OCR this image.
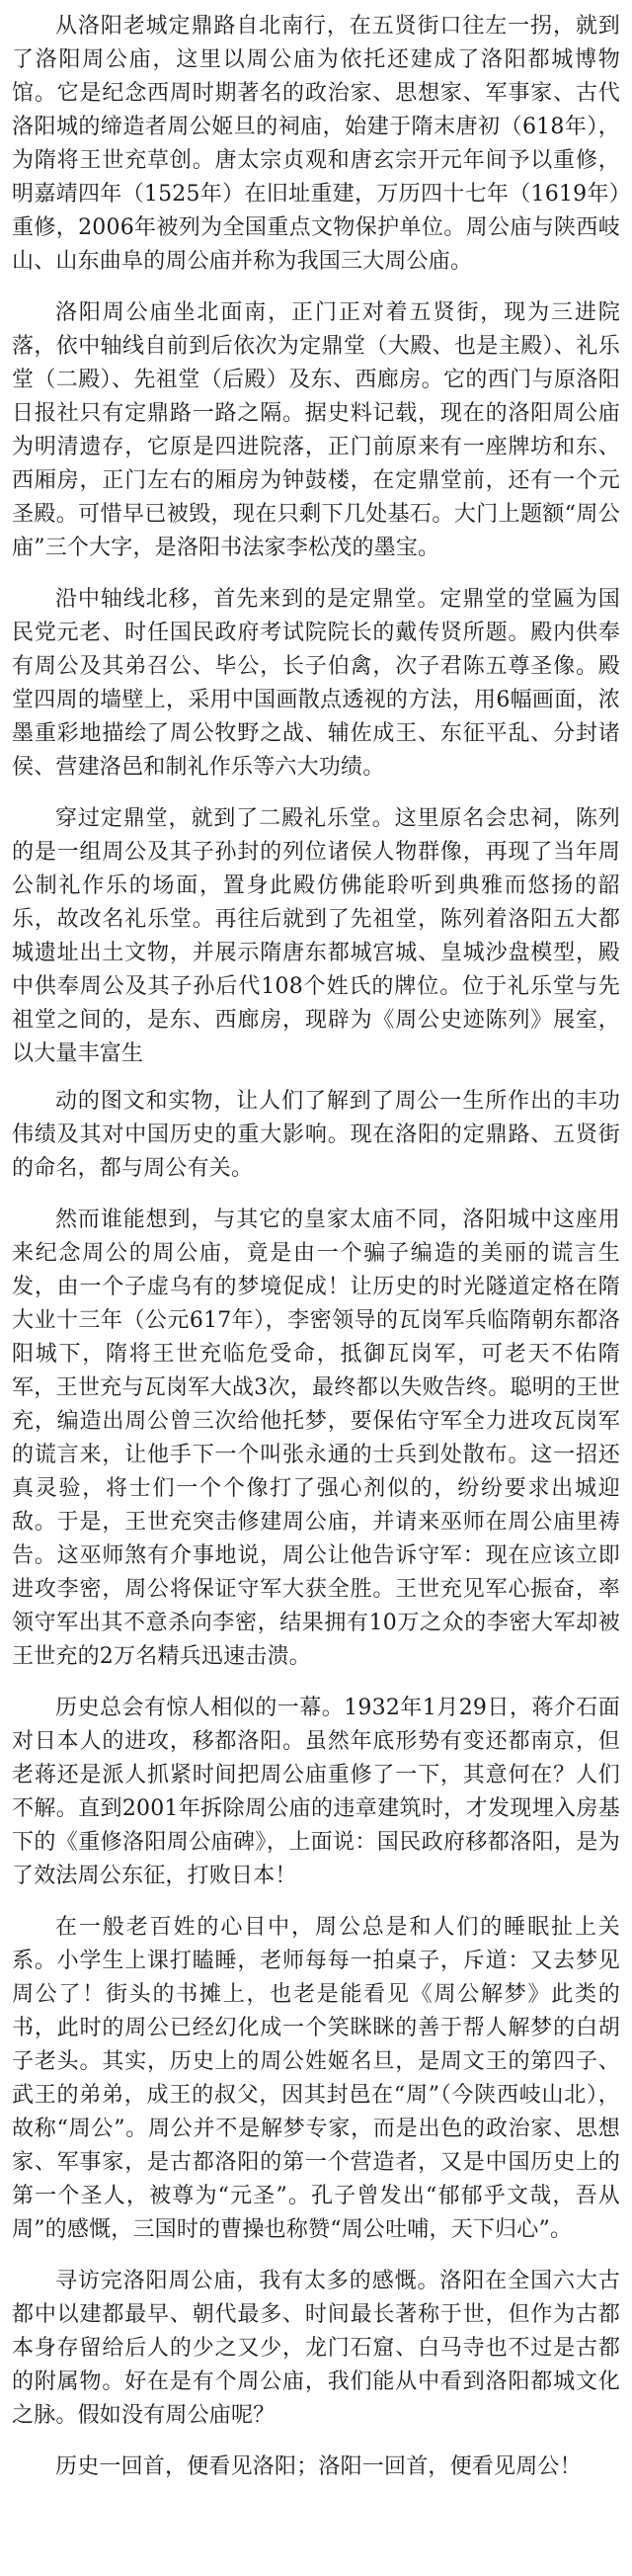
从洛阳老城定鼎路自北南行，在五贤街口往左一拐，就到了洛阳周公庙，这里以周公庙为依托还建成了洛阳都城博物馆。它是纪念西周时期著名的政治家、思想家、军事家、古代洛阳城的缔造者周公姬旦的祠庙，始建于隋末唐初（618年），为隋将王世充草创。唐太宗贞观和唐玄宗开元年间予以重修，明嘉靖四年（1525年）在旧址重建，万历四十七年（1619年）重修，2006年被列为全国重点文物保护单位。周公庙与陕西岐山、山东曲阜的周公庙并称为我国三大周公庙。

洛阳周公庙坐北面南，正门正对着五贤街，现为三进院落，依中轴线自前到后依次为定鼎堂（大殿、也是主殿）、礼乐堂（二殿）、先祖堂（后殿）及东、西廊房。它的西门与原洛阳日报社只有定鼎路一路之隔。据史料记载，现在的洛阳周公庙为明清遗存，它原是四进院落，正门前原来有一座牌坊和东、西厢房，正门左右的厢房为钟鼓楼，在定鼎堂前，还有一个元圣殿。可惜早已被毁，现在只剩下几处基石。大门上题额“周公庙”三个大字，是洛阳书法家李松茂的墨宝。

沿中轴线北移，首先来到的是定鼎堂。定鼎堂的堂匾为国民党元老、时任国民政府考试院院长的戴传贤所题。殿内供奉有周公及其弟召公、毕公，长子伯禽，次子君陈五尊圣像。殿堂四周的墙壁上，采用中国画散点透视的方法，用6幅画面，浓墨重彩地描绘了周公牧野之战、辅佐成王、东征平乱、分封诸侯、营建洛邑和制礼作乐等六大功绩。

穿过定鼎堂，就到了二殿礼乐堂。这里原名会忠祠，陈列的是一组周公及其子孙封的列位诸侯人物群像，再现了当年周公制礼作乐的场面，置身此殿仿佛能聆听到典雅而悠扬的韶乐，故改名礼乐堂。再往后就到了先祖堂，陈列着洛阳五大都城遗址出土文物，并展示隋唐东都城宫城、皇城沙盘模型，殿中供奉周公及其子孙后代108个姓氏的牌位。位于礼乐堂与先祖堂之间的，是东、西廊房，现辟为《周公史迹陈列》展室，以大量丰富生

动的图文和实物，让人们了解到了周公一生所作出的丰功伟绩及其对中国历史的重大影响。现在洛阳的定鼎路、五贤街的命名，都与周公有关。

然而谁能想到，与其它的皇家太庙不同，洛阳城中这座用来纪念周公的周公庙，竟是由一个骗子编造的美丽的谎言生发，由一个子虚乌有的梦境促成！让历史的时光隧道定格在隋大业十三年（公元617年），李密领导的瓦岗军兵临隋朝东都洛阳城下，隋将王世充临危受命，抵御瓦岗军，可老天不佑隋军，王世充与瓦岗军大战3次，最终都以失败告终。聪明的王世充，编造出周公曾三次给他托梦，要保佑守军全力进攻瓦岗军的谎言来，让他手下一个叫张永通的士兵到处散布。这一招还真灵验，将士们一个个像打了强心剂似的，纷纷要求出城迎敌。于是，王世充突击修建周公庙，并请来巫师在周公庙里祷告。这巫师煞有介事地说，周公让他告诉守军：现在应该立即进攻李密，周公将保证守军大获全胜。王世充见军心振奋，率领守军出其不意杀向李密，结果拥有10万之众的李密大军却被王世充的2万名精兵迅速击溃。

历史总会有惊人相似的一幕。1932年1月29日，蒋介石面对日本人的进攻，移都洛阳。虽然年底形势有变还都南京，但老蒋还是派人抓紧时间把周公庙重修了一下，其意何在？人们不解。直到2001年拆除周公庙的违章建筑时，才发现埋入房基下的《重修洛阳周公庙碑》，上面说：国民政府移都洛阳，是为了效法周公东征，打败日本！

在一般老百姓的心目中，周公总是和人们的睡眠扯上关系。小学生上课打瞌睡，老师每每一拍桌子，斥道：又去梦见周公了！街头的书摊上，也老是能看见《周公解梦》此类的书，此时的周公已经幻化成一个笑眯眯的善于帮人解梦的白胡子老头。其实，历史上的周公姓姬名旦，是周文王的第四子、武王的弟弟，成王的叔父，因其封邑在“周”（今陕西岐山北），故称“周公”。周公并不是解梦专家，而是出色的政治家、思想家、军事家，是古都洛阳的第一个营造者，又是中国历史上的第一个圣人，被尊为“元圣”。孔子曾发出“郁郁乎文哉，吾从周”的感慨，三国时的曹操也称赞“周公吐哺，天下归心”。

寻访完洛阳周公庙，我有太多的感慨。洛阳在全国六大古都中以建都最早、朝代最多、时间最长著称于世，但作为古都本身存留给后人的少之又少，龙门石窟、白马寺也不过是古都的附属物。好在是有个周公庙，我们能从中看到洛阳都城文化之脉。假如没有周公庙呢？

历史一回首，便看见洛阳；洛阳一回首，便看见周公！
